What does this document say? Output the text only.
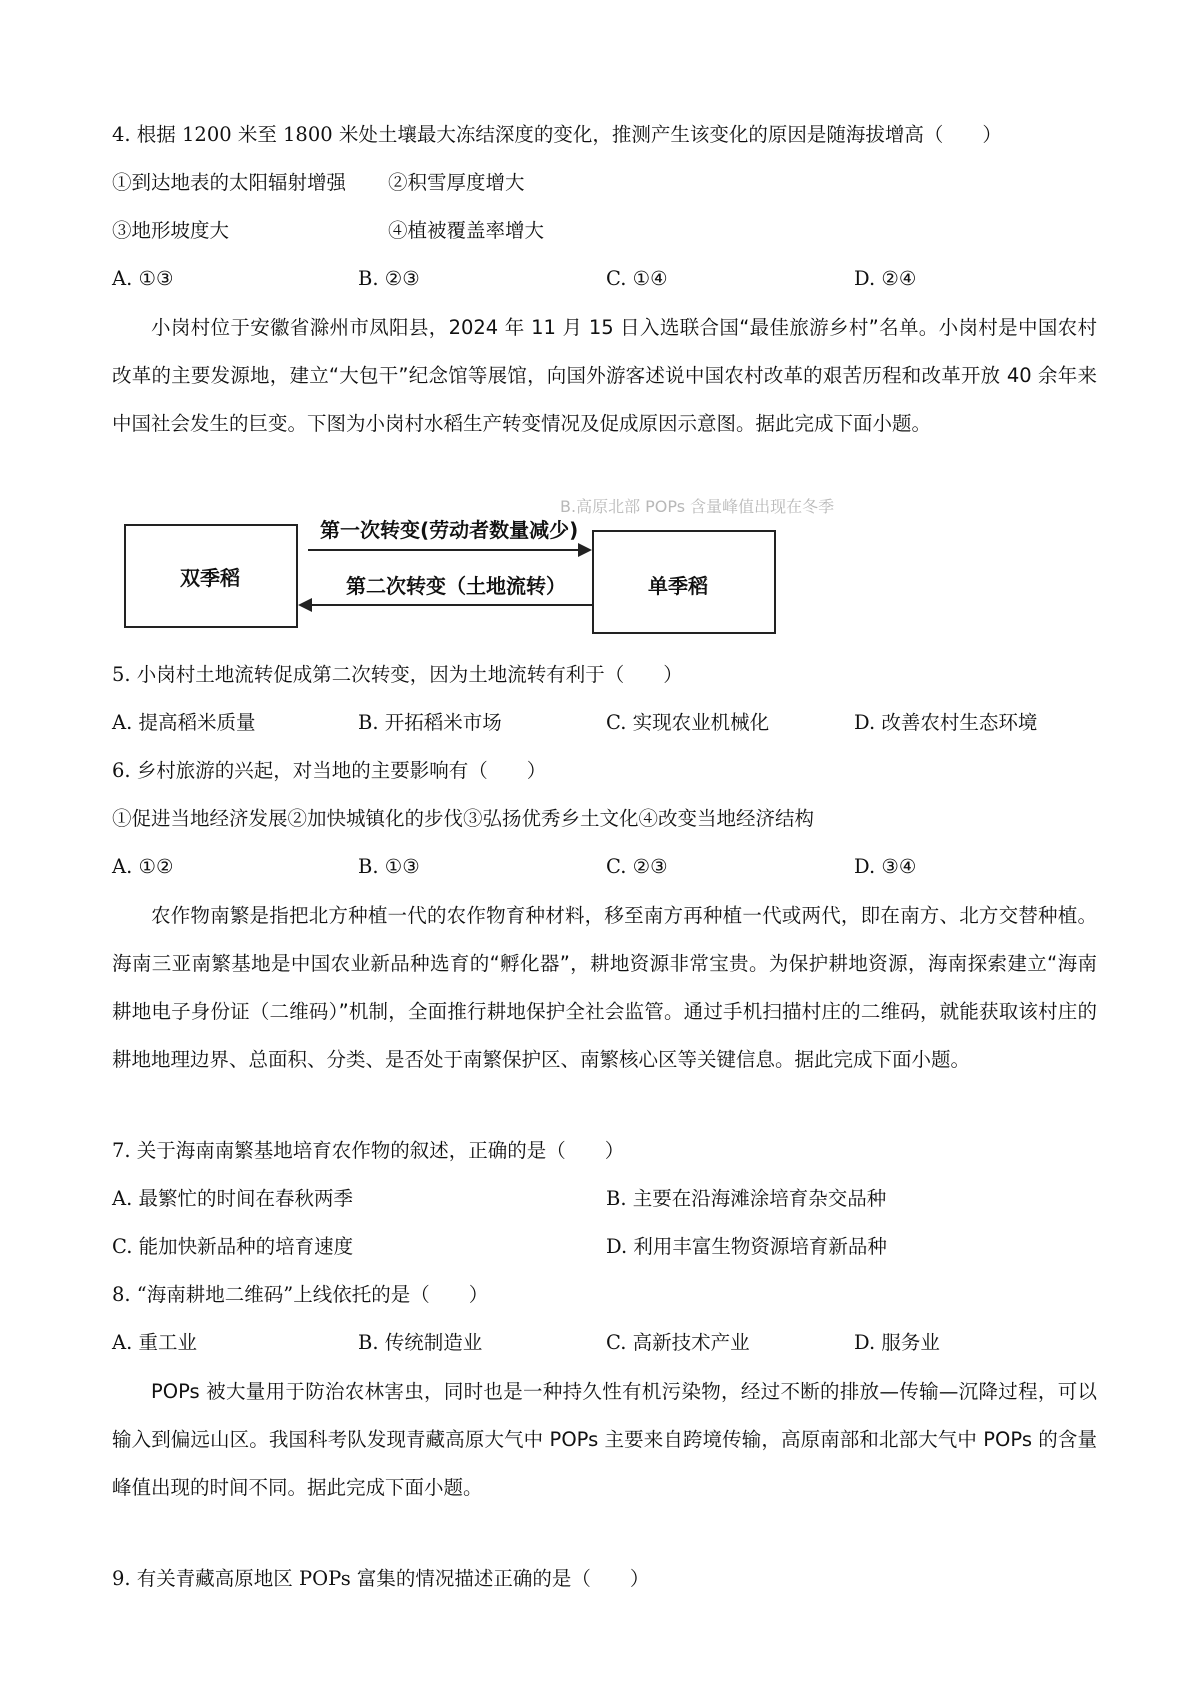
4. 根据 1200 米至 1800 米处土壤最大冻结深度的变化，推测产生该变化的原因是随海拔增高（　　）
①到达地表的太阳辐射增强 ②积雪厚度增大
③地形坡度大	④植被覆盖率增大
A. ①③	B. ②③	C. ①④	D. ②④
小岗村位于安徽省滁州市凤阳县，2024 年 11 月 15 日入选联合国“最佳旅游乡村”名单。小岗村是中国农村改革的主要发源地，建立“大包干”纪念馆等展馆，向国外游客述说中国农村改革的艰苦历程和改革开放 40 余年来中国社会发生的巨变。下图为小岗村水稻生产转变情况及促成原因示意图。据此完成下面小题。
B.高原北部 POPs 含量峰值出现在冬季
双季稻	单季稻
第一次转变(劳动者数量减少)
第二次转变（土地流转）
5. 小岗村土地流转促成第二次转变，因为土地流转有利于（　　）
A. 提高稻米质量	B. 开拓稻米市场	C. 实现农业机械化	D. 改善农村生态环境
6. 乡村旅游的兴起，对当地的主要影响有（　　）
①促进当地经济发展②加快城镇化的步伐③弘扬优秀乡土文化④改变当地经济结构
A. ①②	B. ①③	C. ②③	D. ③④
农作物南繁是指把北方种植一代的农作物育种材料，移至南方再种植一代或两代，即在南方、北方交替种植。海南三亚南繁基地是中国农业新品种选育的“孵化器”，耕地资源非常宝贵。为保护耕地资源，海南探索建立“海南耕地电子身份证（二维码）”机制，全面推行耕地保护全社会监管。通过手机扫描村庄的二维码，就能获取该村庄的耕地地理边界、总面积、分类、是否处于南繁保护区、南繁核心区等关键信息。据此完成下面小题。
7. 关于海南南繁基地培育农作物的叙述，正确的是（　　）
A. 最繁忙的时间在春秋两季	B. 主要在沿海滩涂培育杂交品种
C. 能加快新品种的培育速度	D. 利用丰富生物资源培育新品种
8. “海南耕地二维码”上线依托的是（　　）
A. 重工业	B. 传统制造业	C. 高新技术产业	D. 服务业
POPs 被大量用于防治农林害虫，同时也是一种持久性有机污染物，经过不断的排放—传输—沉降过程，可以输入到偏远山区。我国科考队发现青藏高原大气中 POPs 主要来自跨境传输，高原南部和北部大气中 POPs 的含量峰值出现的时间不同。据此完成下面小题。
9. 有关青藏高原地区 POPs 富集的情况描述正确的是（　　）
